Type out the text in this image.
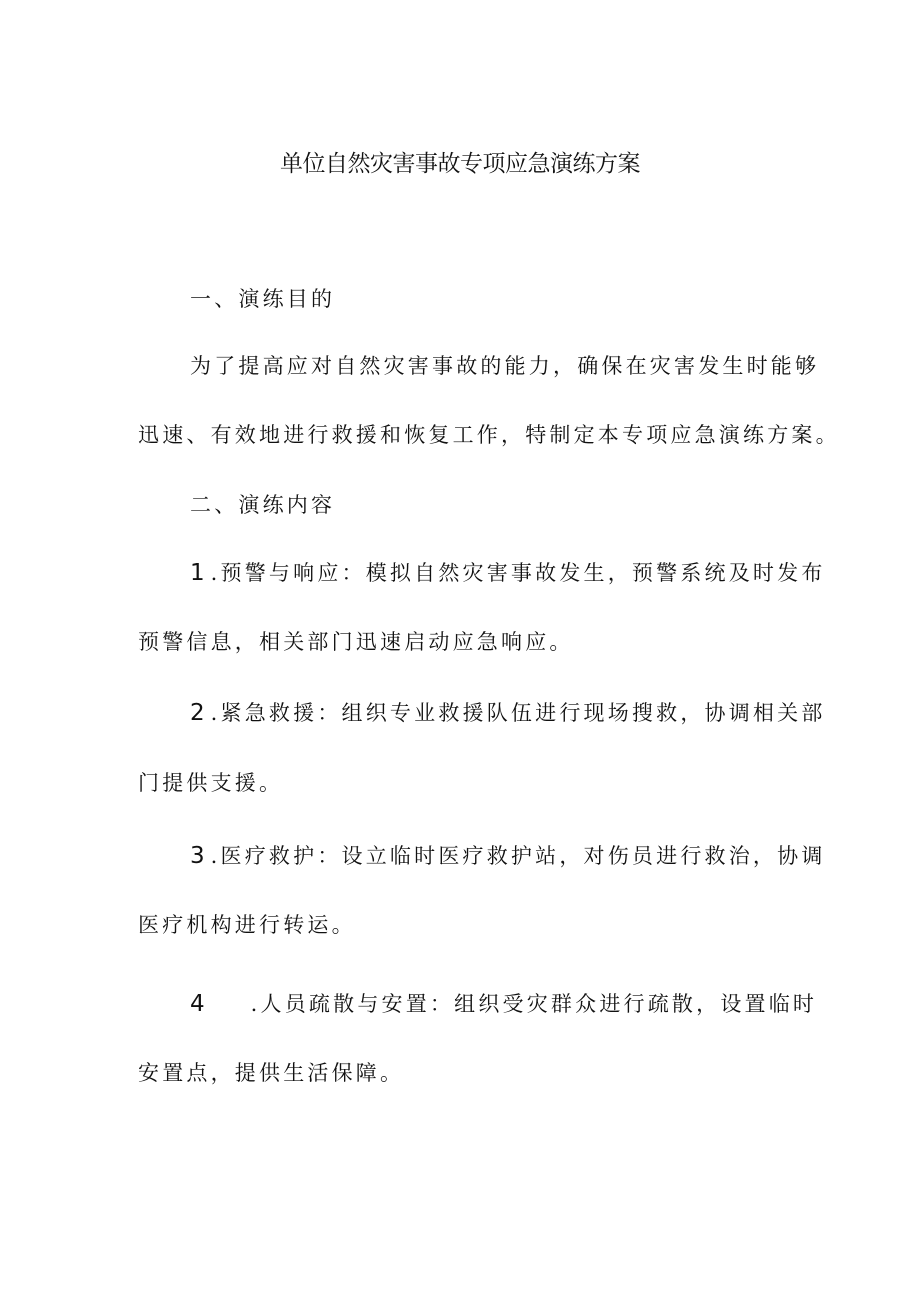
单位自然灾害事故专项应急演练方案
一、演练目的
为了提高应对自然灾害事故的能力，确保在灾害发生时能够
迅速、有效地进行救援和恢复工作，特制定本专项应急演练方案。
二、演练内容
1 .预警与响应：模拟自然灾害事故发生，预警系统及时发布
预警信息，相关部门迅速启动应急响应。
2 .紧急救援：组织专业救援队伍进行现场搜救，协调相关部
门提供支援。
3 .医疗救护：设立临时医疗救护站，对伤员进行救治，协调
医疗机构进行转运。
4 .人员疏散与安置：组织受灾群众进行疏散，设置临时
安置点，提供生活保障。
